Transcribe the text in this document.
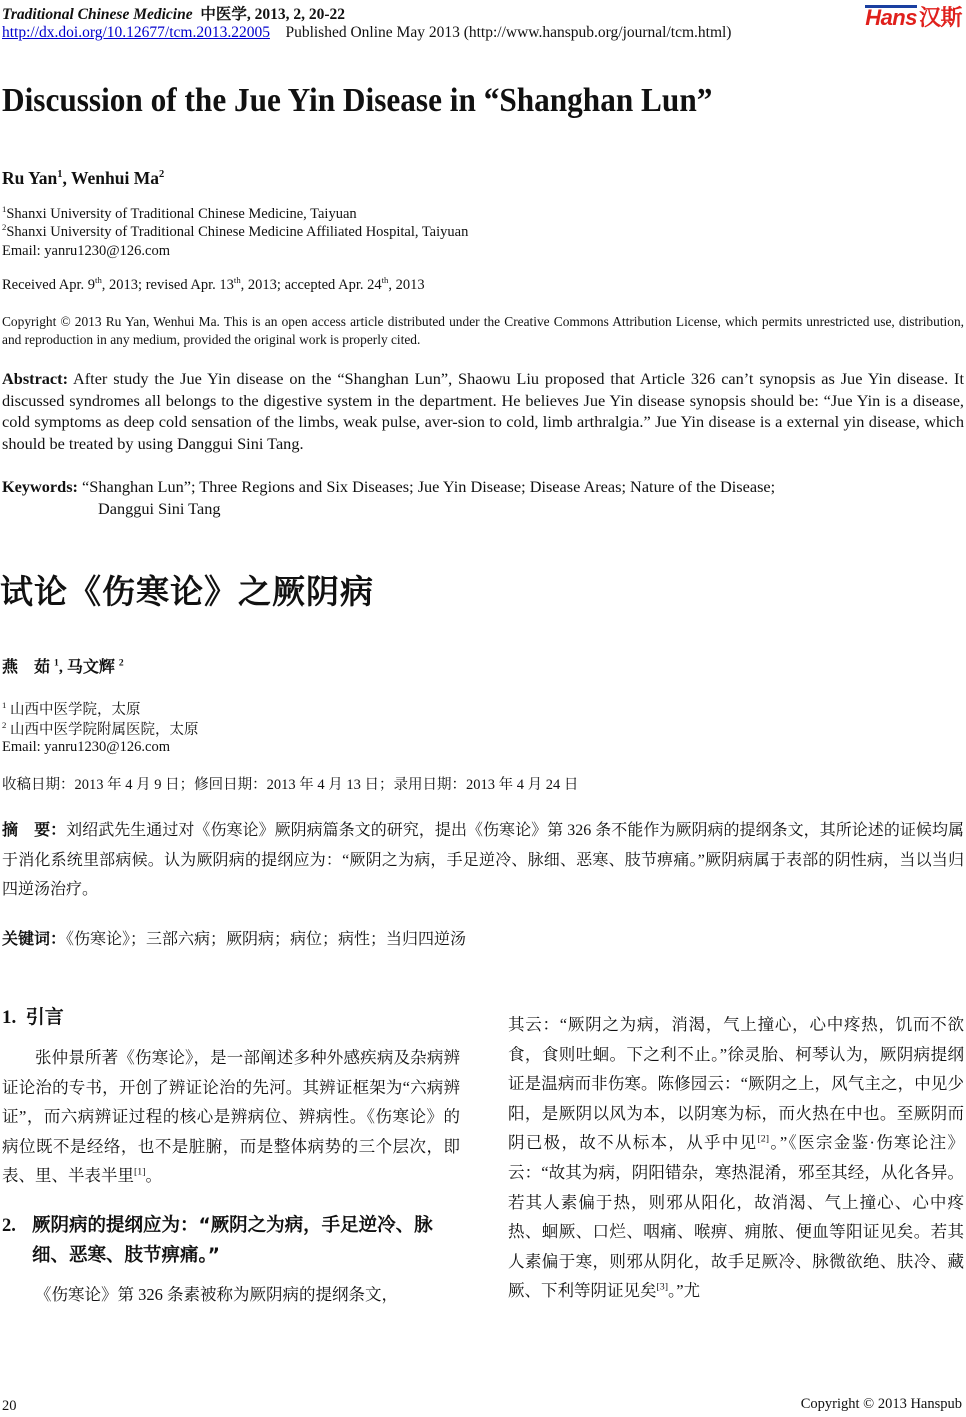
Traditional Chinese Medicine 中医学, 2013, 2, 20-22
http://dx.doi.org/10.12677/tcm.2013.22005 Published Online May 2013 (http://www.hanspub.org/journal/tcm.html)
Hans汉斯
Discussion of the Jue Yin Disease in “Shanghan Lun”
Ru Yan$^1$, Wenhui Ma$^2$
$^1$Shanxi University of Traditional Chinese Medicine, Taiyuan
$^2$Shanxi University of Traditional Chinese Medicine Affiliated Hospital, Taiyuan
Email: yanru1230@126.com
Received Apr. 9th, 2013; revised Apr. 13th, 2013; accepted Apr. 24th, 2013
Copyright © 2013 Ru Yan, Wenhui Ma. This is an open access article distributed under the Creative Commons Attribution License, which permits unrestricted use, distribution, and reproduction in any medium, provided the original work is properly cited.
Abstract: After study the Jue Yin disease on the “Shanghan Lun”, Shaowu Liu proposed that Article 326 can’t synopsis as Jue Yin disease. It discussed syndromes all belongs to the digestive system in the department. He believes Jue Yin disease synopsis should be: “Jue Yin is a disease, cold symptoms as deep cold sensation of the limbs, weak pulse, aver-sion to cold, limb arthralgia.” Jue Yin disease is a external yin disease, which should be treated by using Danggui Sini Tang.
Keywords: “Shanghan Lun”; Three Regions and Six Diseases; Jue Yin Disease; Disease Areas; Nature of the Disease;
Danggui Sini Tang
试论《伤寒论》之厥阴病
燕　茹 $^1$, 马文辉 $^2$
$^1$ 山西中医学院，太原
$^2$ 山西中医学院附属医院，太原
Email: yanru1230@126.com
收稿日期：2013 年 4 月 9 日；修回日期：2013 年 4 月 13 日；录用日期：2013 年 4 月 24 日
摘　要：刘绍武先生通过对《伤寒论》厥阴病篇条文的研究，提出《伤寒论》第 326 条不能作为厥阴病的提纲条文，其所论述的证候均属于消化系统里部病候。认为厥阴病的提纲应为：“厥阴之为病，手足逆冷、脉细、恶寒、肢节痹痛。”厥阴病属于表部的阴性病，当以当归四逆汤治疗。
关键词：《伤寒论》；三部六病；厥阴病；病位；病性；当归四逆汤
1. 引言

张仲景所著《伤寒论》，是一部阐述多种外感疾病及杂病辨证论治的专书，开创了辨证论治的先河。其辨证框架为“六病辨证”，而六病辨证过程的核心是辨病位、辨病性。《伤寒论》的病位既不是经络，也不是脏腑，而是整体病势的三个层次，即表、里、半表半里[1]。

2. 厥阴病的提纲应为：“厥阴之为病，手足逆冷、脉细、恶寒、肢节痹痛。”

《伤寒论》第 326 条素被称为厥阴病的提纲条文，

其云：“厥阴之为病，消渴，气上撞心，心中疼热，饥而不欲食，食则吐蛔。下之利不止。”徐灵胎、柯琴认为，厥阴病提纲证是温病而非伤寒。陈修园云：“厥阴之上，风气主之，中见少阳，是厥阴以风为本，以阴寒为标，而火热在中也。至厥阴而阴已极，故不从标本，从乎中见[2]。”《医宗金鉴·伤寒论注》云：“故其为病，阴阳错杂，寒热混淆，邪至其经，从化各异。若其人素偏于热，则邪从阳化，故消渴、气上撞心、心中疼热、蛔厥、口烂、咽痛、喉痹、痈脓、便血等阳证见矣。若其人素偏于寒，则邪从阴化，故手足厥冷、脉微欲绝、肤冷、藏厥、下利等阴证见矣[3]。”尤

20	Copyright © 2013 Hanspub
